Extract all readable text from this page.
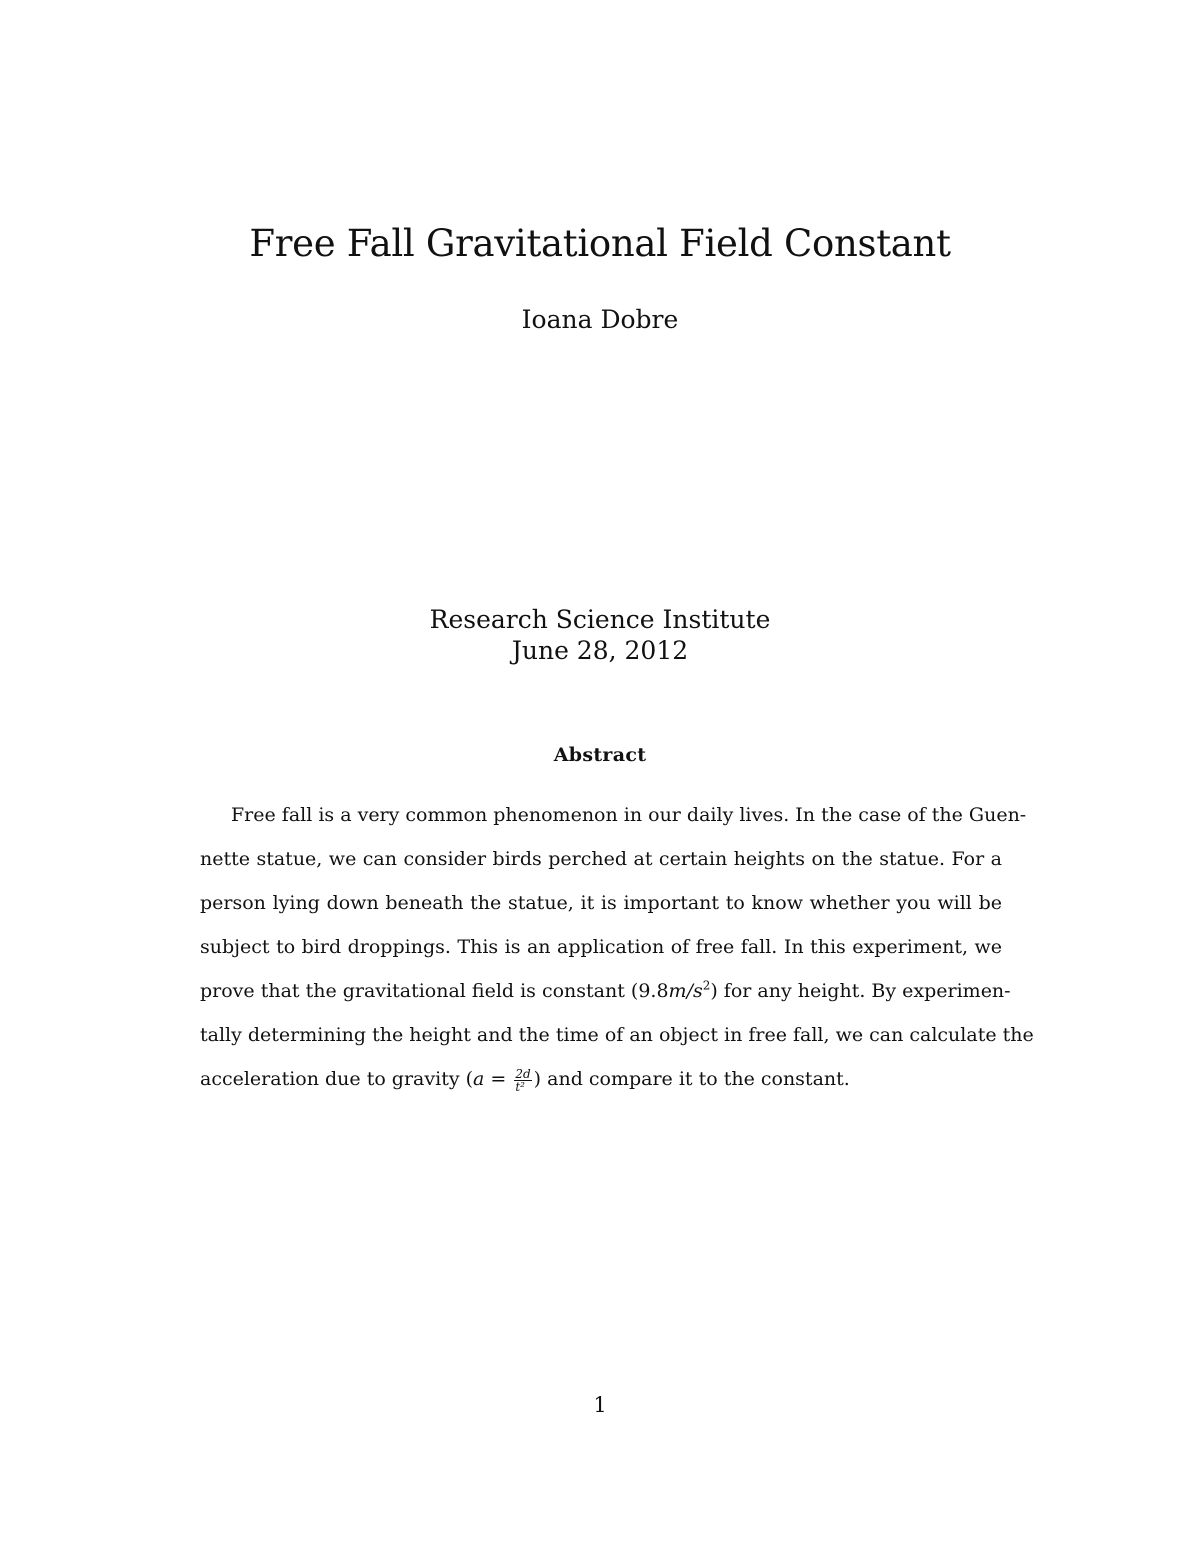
Free Fall Gravitational Field Constant
Ioana Dobre
Research Science Institute
June 28, 2012
Abstract
Free fall is a very common phenomenon in our daily lives. In the case of the Guen-
nette statue, we can consider birds perched at certain heights on the statue. For a
person lying down beneath the statue, it is important to know whether you will be
subject to bird droppings. This is an application of free fall. In this experiment, we
prove that the gravitational field is constant $(9.8m/s^2)$ for any height. By experimen-
tally determining the height and the time of an object in free fall, we can calculate the
acceleration due to gravity ($a = \frac{2d}{\text{t²}}$ ) and compare it to the constant.
1
